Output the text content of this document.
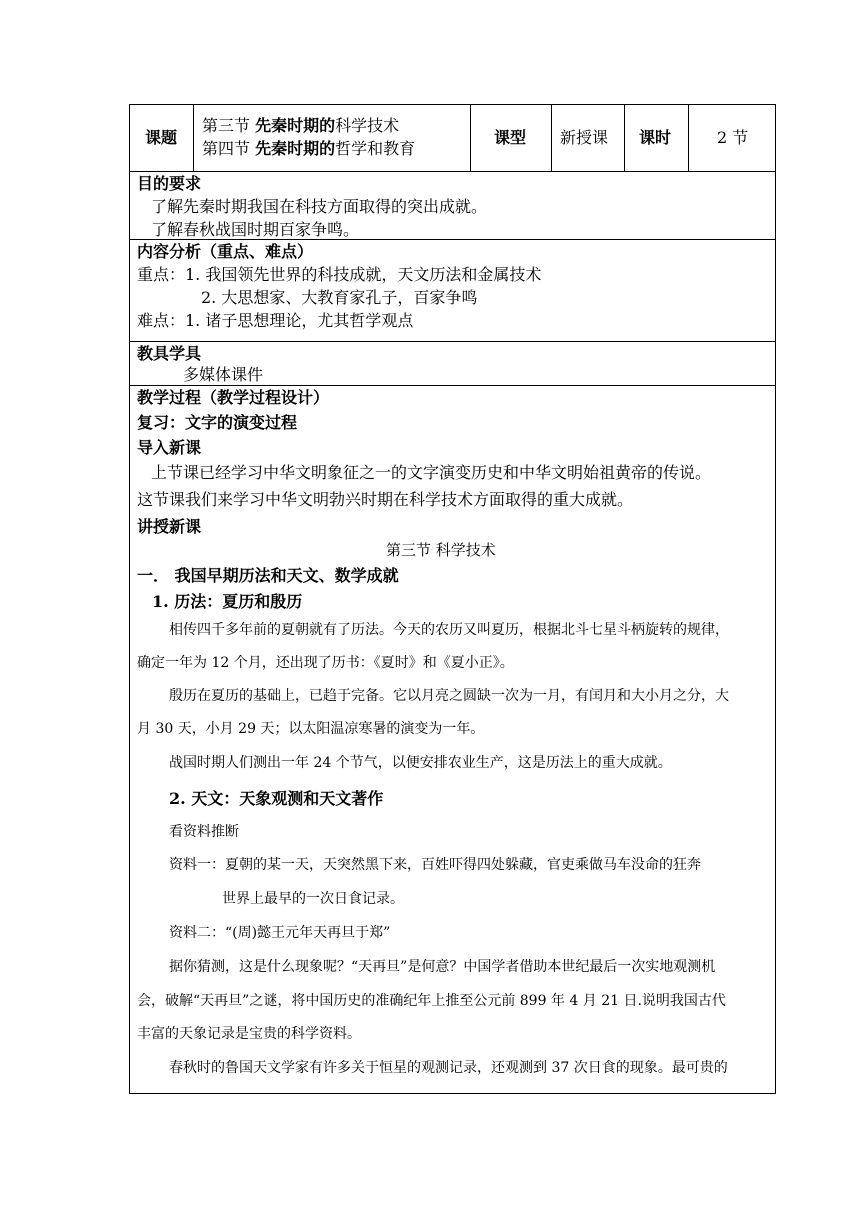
课题
第三节 先秦时期的科学技术
第四节 先秦时期的哲学和教育
课型 新授课 课时	2 节
目的要求
了解先秦时期我国在科技方面取得的突出成就。
了解春秋战国时期百家争鸣。
内容分析（重点、难点）
重点：1. 我国领先世界的科技成就，天文历法和金属技术
2. 大思想家、大教育家孔子，百家争鸣
难点：1. 诸子思想理论，尤其哲学观点
教具学具
多媒体课件
教学过程（教学过程设计）
复习：文字的演变过程
导入新课
上节课已经学习中华文明象征之一的文字演变历史和中华文明始祖黄帝的传说。
这节课我们来学习中华文明勃兴时期在科学技术方面取得的重大成就。
讲授新课
第三节 科学技术
一． 我国早期历法和天文、数学成就
1. 历法：夏历和殷历
相传四千多年前的夏朝就有了历法。今天的农历又叫夏历，根据北斗七星斗柄旋转的规律，
确定一年为 12 个月，还出现了历书：《夏时》和《夏小正》。
殷历在夏历的基础上，已趋于完备。它以月亮之圆缺一次为一月，有闰月和大小月之分，大
月 30 天，小月 29 天；以太阳温凉寒暑的演变为一年。
战国时期人们测出一年 24 个节气，以便安排农业生产，这是历法上的重大成就。
2. 天文：天象观测和天文著作
看资料推断
资料一：夏朝的某一天，天突然黑下来，百姓吓得四处躲藏，官吏乘做马车没命的狂奔
世界上最早的一次日食记录。
资料二：“(周)懿王元年天再旦于郑”
据你猜测，这是什么现象呢？“天再旦”是何意？中国学者借助本世纪最后一次实地观测机
会，破解“天再旦”之谜，将中国历史的准确纪年上推至公元前 899 年 4 月 21 日.说明我国古代
丰富的天象记录是宝贵的科学资料。
春秋时的鲁国天文学家有许多关于恒星的观测记录，还观测到 37 次日食的现象。最可贵的
